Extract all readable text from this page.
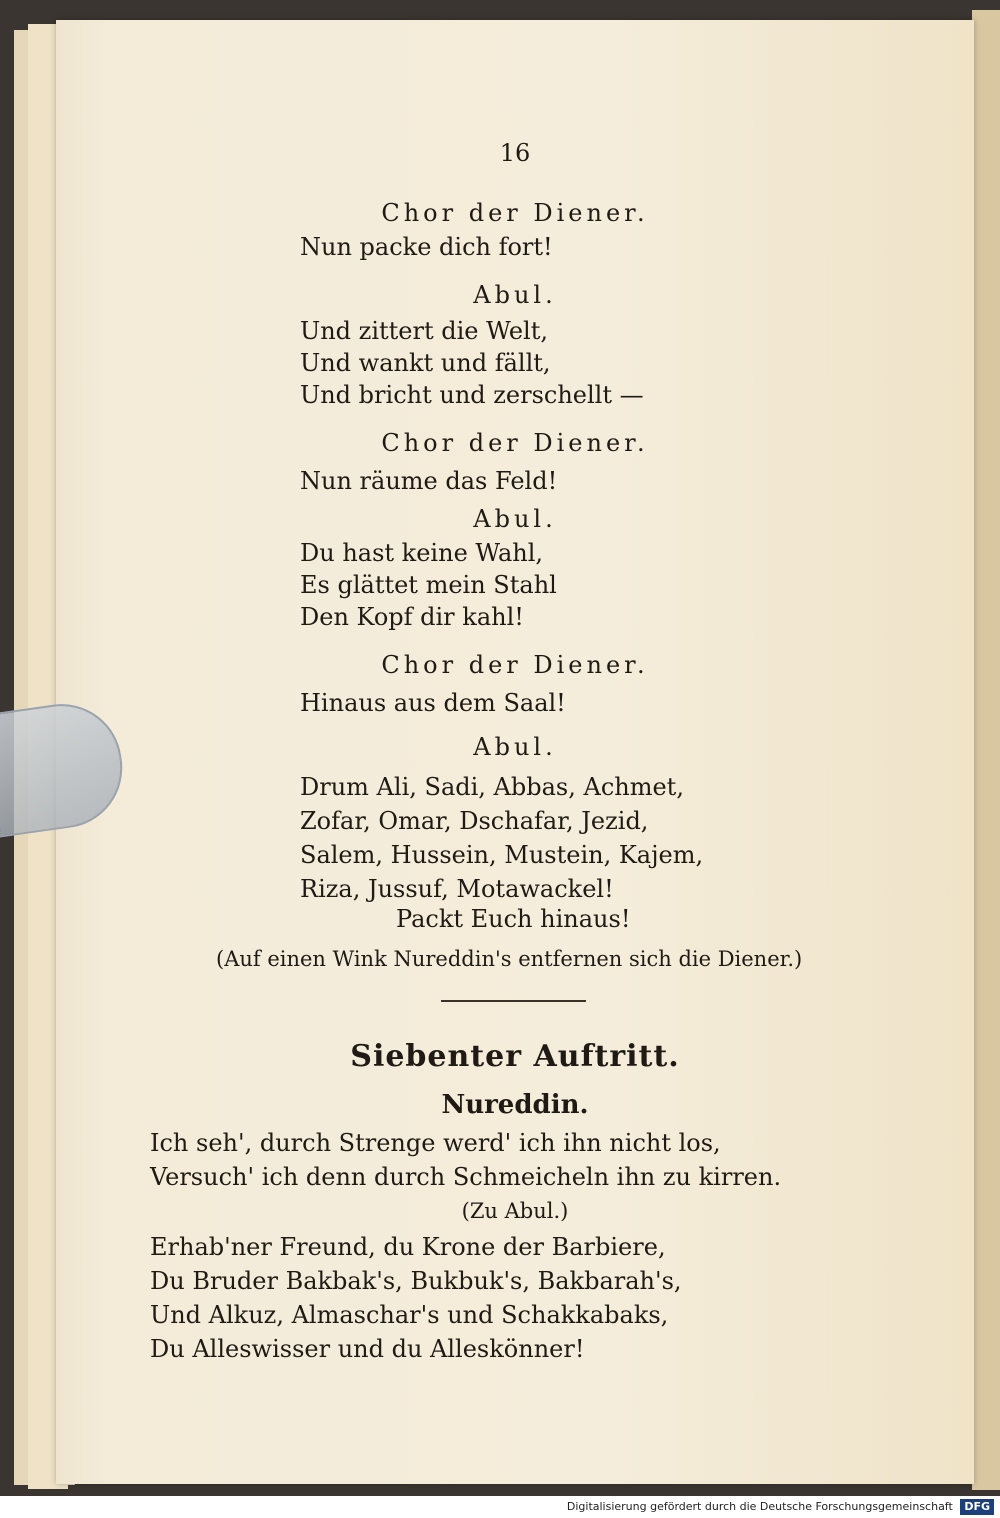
16
Chor der Diener.
Nun packe dich fort!
Abul.
Und zittert die Welt,
Und wankt und fällt,
Und bricht und zerschellt —
Chor der Diener.
Nun räume das Feld!
Abul.
Du hast keine Wahl,
Es glättet mein Stahl
Den Kopf dir kahl!
Chor der Diener.
Hinaus aus dem Saal!
Abul.
Drum Ali, Sadi, Abbas, Achmet,
Zofar, Omar, Dschafar, Jezid,
Salem, Hussein, Mustein, Kajem,
Riza, Jussuf, Motawackel!
Packt Euch hinaus!
(Auf einen Wink Nureddin's entfernen sich die Diener.)
Siebenter Auftritt.
Nureddin.
Ich seh', durch Strenge werd' ich ihn nicht los,
Versuch' ich denn durch Schmeicheln ihn zu kirren.
(Zu Abul.)
Erhab'ner Freund, du Krone der Barbiere,
Du Bruder Bakbak's, Bukbuk's, Bakbarah's,
Und Alkuz, Almaschar's und Schakkabaks,
Du Alleswisser und du Alleskönner!
Digitalisierung gefördert durch die Deutsche Forschungsgemeinschaft DFG
